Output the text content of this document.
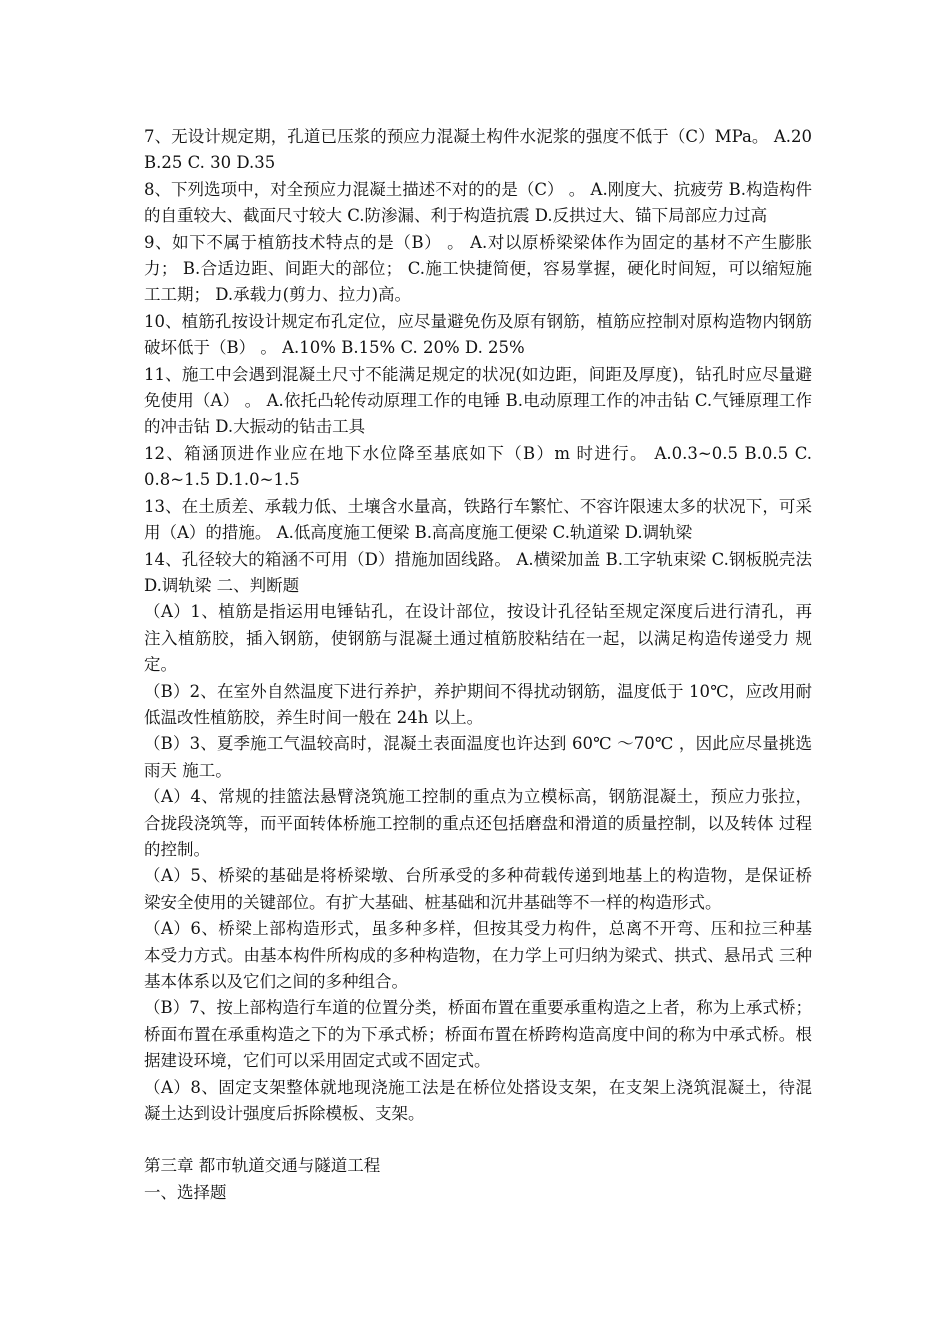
7、无设计规定期，孔道已压浆的预应力混凝土构件水泥浆的强度不低于（C）MPa。 A.20 B.25 C. 30 D.35

8、下列选项中，对全预应力混凝土描述不对的的是（C） 。 A.刚度大、抗疲劳 B.构造构件的自重较大、截面尺寸较大 C.防渗漏、利于构造抗震 D.反拱过大、锚下局部应力过高

9、如下不属于植筋技术特点的是（B） 。 A.对以原桥梁梁体作为固定的基材不产生膨胀力； B.合适边距、间距大的部位； C.施工快捷简便，容易掌握，硬化时间短，可以缩短施工工期； D.承载力(剪力、拉力)高。

10、植筋孔按设计规定布孔定位，应尽量避免伤及原有钢筋，植筋应控制对原构造物内钢筋 破坏低于（B） 。 A.10% B.15% C. 20% D. 25%

11、施工中会遇到混凝土尺寸不能满足规定的状况(如边距，间距及厚度)，钻孔时应尽量避 免使用（A） 。 A.依托凸轮传动原理工作的电锤 B.电动原理工作的冲击钻 C.气锤原理工作的冲击钻 D.大振动的钻击工具

12、箱涵顶进作业应在地下水位降至基底如下（B）m 时进行。 A.0.3~0.5 B.0.5 C. 0.8~1.5 D.1.0~1.5

13、在土质差、承载力低、土壤含水量高，铁路行车繁忙、不容许限速太多的状况下，可采 用（A）的措施。 A.低高度施工便梁 B.高高度施工便梁 C.轨道梁 D.调轨梁

14、孔径较大的箱涵不可用（D）措施加固线路。 A.横梁加盖 B.工字轨束梁 C.钢板脱壳法 D.调轨梁 二、判断题

（A）1、植筋是指运用电锤钻孔，在设计部位，按设计孔径钻至规定深度后进行清孔，再 注入植筋胶，插入钢筋，使钢筋与混凝土通过植筋胶粘结在一起，以满足构造传递受力 规定。

（B）2、在室外自然温度下进行养护，养护期间不得扰动钢筋，温度低于 10℃，应改用耐 低温改性植筋胶，养生时间一般在 24h 以上。

（B）3、夏季施工气温较高时，混凝土表面温度也许达到 60℃ ～70℃ ，因此应尽量挑选雨天 施工。

（A）4、常规的挂篮法悬臂浇筑施工控制的重点为立模标高，钢筋混凝土，预应力张拉， 合拢段浇筑等，而平面转体桥施工控制的重点还包括磨盘和滑道的质量控制，以及转体 过程的控制。

（A）5、桥梁的基础是将桥梁墩、台所承受的多种荷载传递到地基上的构造物，是保证桥 梁安全使用的关键部位。有扩大基础、桩基础和沉井基础等不一样的构造形式。

（A）6、桥梁上部构造形式，虽多种多样，但按其受力构件，总离不开弯、压和拉三种基 本受力方式。由基本构件所构成的多种构造物，在力学上可归纳为梁式、拱式、悬吊式 三种基本体系以及它们之间的多种组合。

（B）7、按上部构造行车道的位置分类，桥面布置在重要承重构造之上者，称为上承式桥； 桥面布置在承重构造之下的为下承式桥；桥面布置在桥跨构造高度中间的称为中承式桥。根据建设环境，它们可以采用固定式或不固定式。

（A）8、固定支架整体就地现浇施工法是在桥位处搭设支架，在支架上浇筑混凝土，待混 凝土达到设计强度后拆除模板、支架。

第三章 都市轨道交通与隧道工程

一、选择题
